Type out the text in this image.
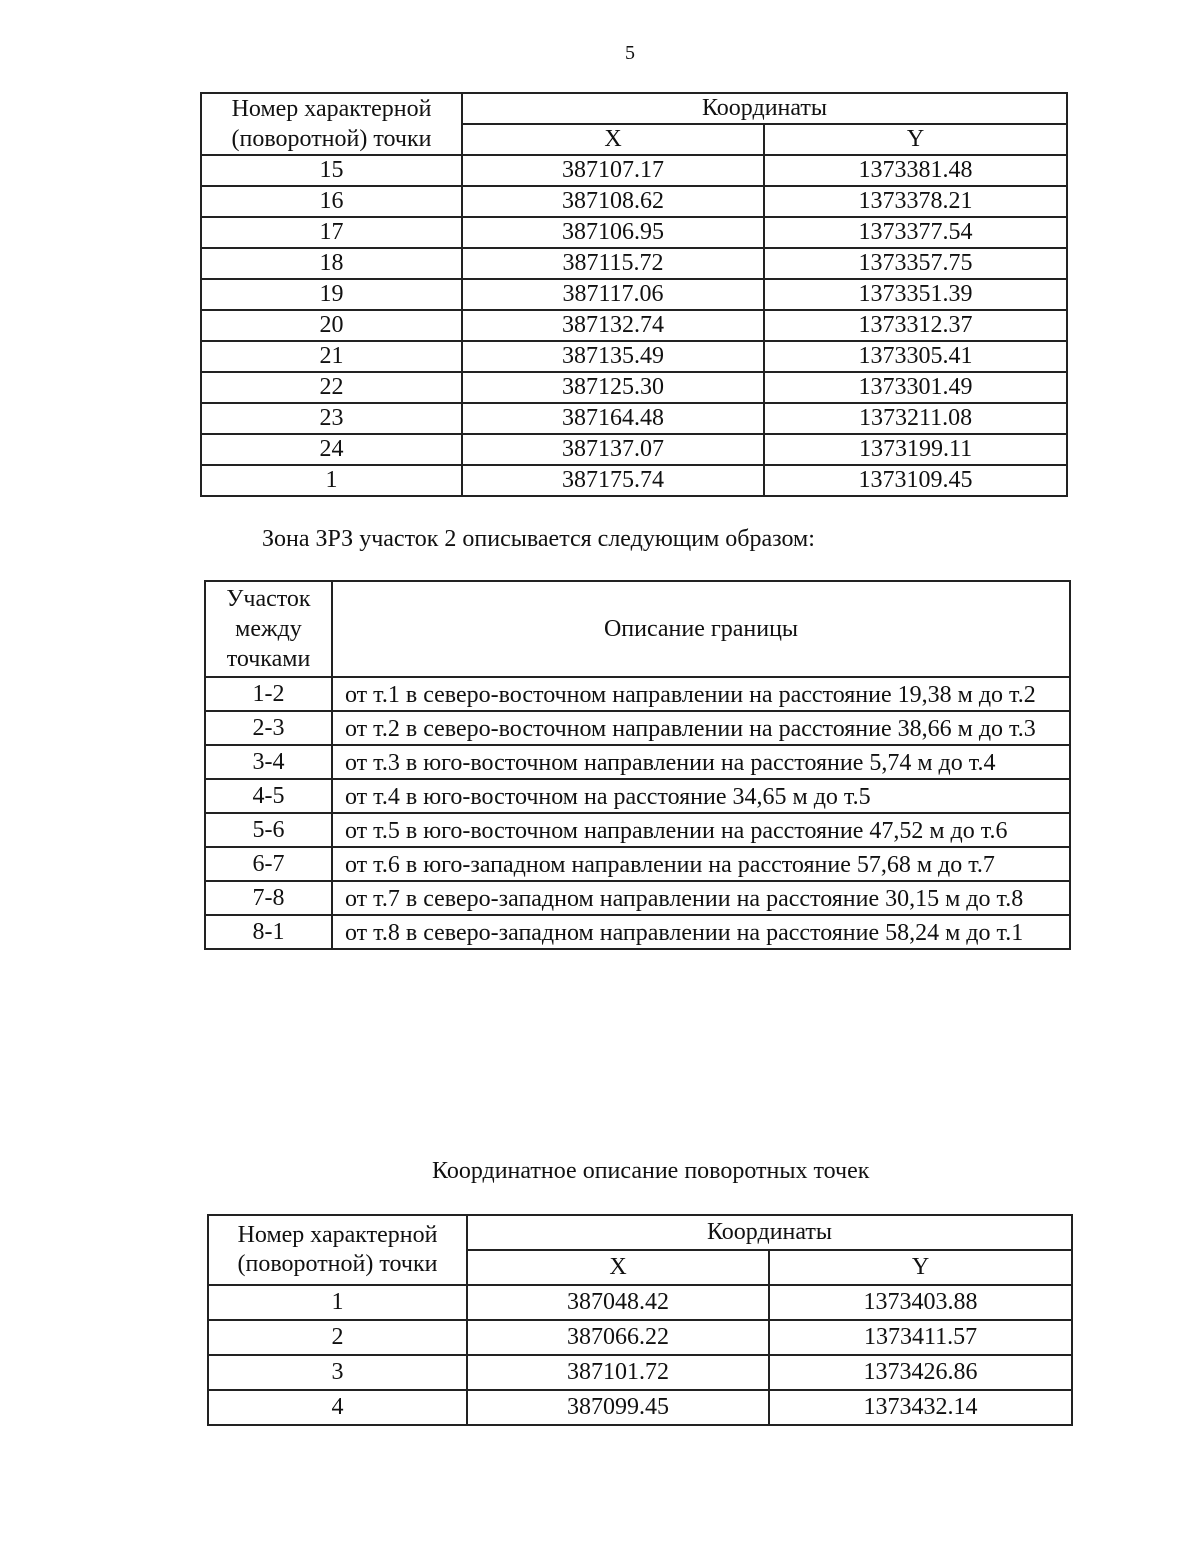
5
Номер характерной (поворотной) точки	Координаты	
	X	Y
15	387107.17	1373381.48
16	387108.62	1373378.21
17	387106.95	1373377.54
18	387115.72	1373357.75
19	387117.06	1373351.39
20	387132.74	1373312.37
21	387135.49	1373305.41
22	387125.30	1373301.49
23	387164.48	1373211.08
24	387137.07	1373199.11
1	387175.74	1373109.45
Зона ЗРЗ участок 2 описывается следующим образом:
Участок между точками	Описание границы
1-2	от т.1 в северо-восточном направлении на расстояние 19,38 м до т.2
2-3	от т.2 в северо-восточном направлении на расстояние 38,66 м до т.3
3-4	от т.3 в юго-восточном направлении на расстояние 5,74 м до т.4
4-5	от т.4 в юго-восточном на расстояние 34,65 м до т.5
5-6	от т.5 в юго-восточном направлении на расстояние 47,52 м до т.6
6-7	от т.6 в юго-западном направлении на расстояние 57,68 м до т.7
7-8	от т.7 в северо-западном направлении на расстояние 30,15 м до т.8
8-1	от т.8 в северо-западном направлении на расстояние 58,24 м до т.1
Координатное описание поворотных точек
Номер характерной (поворотной) точки	Координаты	
	X	Y
1	387048.42	1373403.88
2	387066.22	1373411.57
3	387101.72	1373426.86
4	387099.45	1373432.14
